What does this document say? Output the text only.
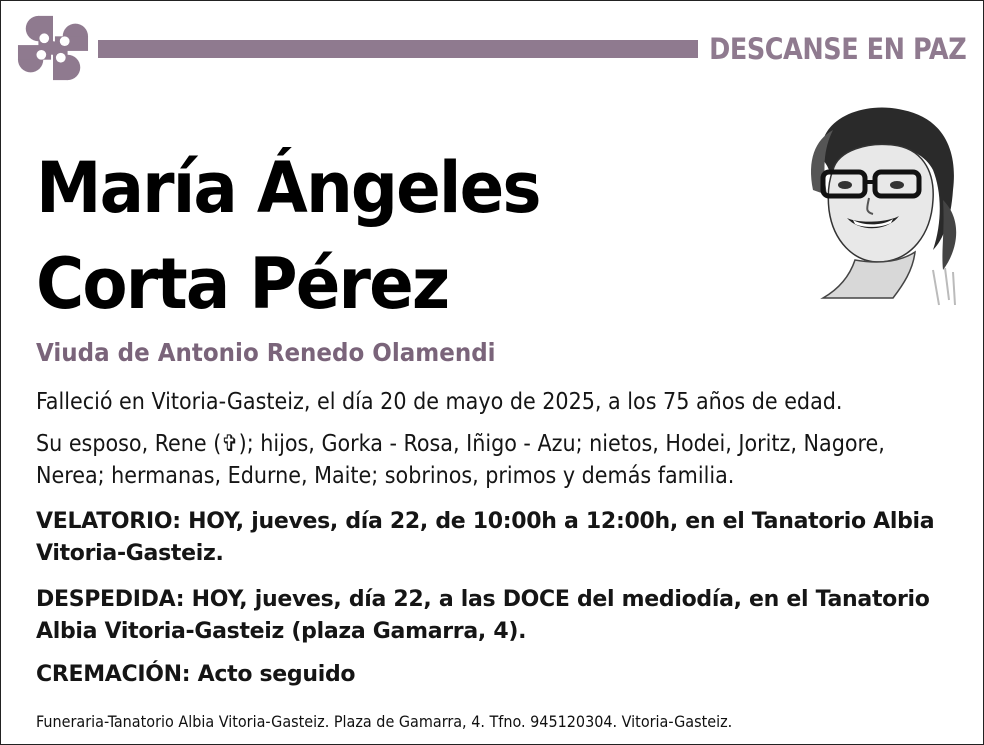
DESCANSE EN PAZ
María Ángeles
Corta Pérez
Viuda de Antonio Renedo Olamendi
Falleció en Vitoria-Gasteiz, el día 20 de mayo de 2025, a los 75 años de edad.
Su esposo, Rene (✞); hijos, Gorka - Rosa, Iñigo - Azu; nietos, Hodei, Joritz, Nagore, Nerea; hermanas, Edurne, Maite; sobrinos, primos y demás familia.
VELATORIO: HOY, jueves, día 22, de 10:00h a 12:00h, en el Tanatorio Albia Vitoria-Gasteiz.
DESPEDIDA: HOY, jueves, día 22, a las DOCE del mediodía, en el Tanatorio Albia Vitoria-Gasteiz (plaza Gamarra, 4).
CREMACIÓN: Acto seguido
Funeraria-Tanatorio Albia Vitoria-Gasteiz. Plaza de Gamarra, 4. Tfno. 945120304. Vitoria-Gasteiz.
